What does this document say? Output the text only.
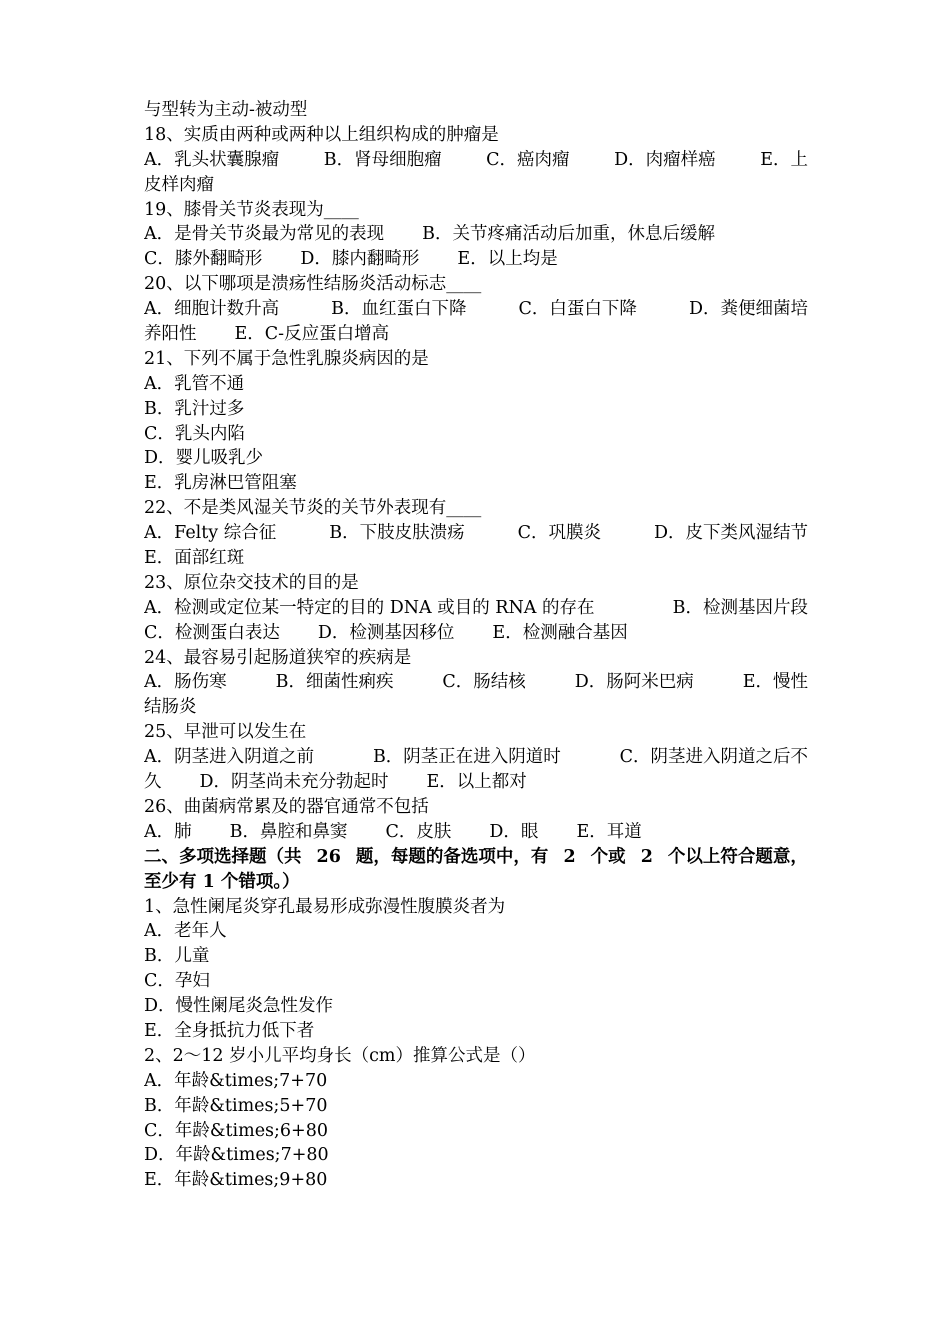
与型转为主动-被动型
18、实质由两种或两种以上组织构成的肿瘤是
A．乳头状囊腺瘤	B．肾母细胞瘤	C．癌肉瘤	D．肉瘤样癌	E．上
皮样肉瘤
19、膝骨关节炎表现为____
A．是骨关节炎最为常见的表现 B．关节疼痛活动后加重，休息后缓解
C．膝外翻畸形 D．膝内翻畸形 E．以上均是
20、以下哪项是溃疡性结肠炎活动标志____
A．细胞计数升高	B．血红蛋白下降	C．白蛋白下降	D．粪便细菌培
养阳性 E．C-反应蛋白增高
21、下列不属于急性乳腺炎病因的是
A．乳管不通
B．乳汁过多
C．乳头内陷
D．婴儿吸乳少
E．乳房淋巴管阻塞
22、不是类风湿关节炎的关节外表现有____
A．Felty 综合征	B．下肢皮肤溃疡	C．巩膜炎	D．皮下类风湿结节
E．面部红斑
23、原位杂交技术的目的是
A．检测或定位某一特定的目的 DNA 或目的 RNA 的存在	B．检测基因片段
C．检测蛋白表达 D．检测基因移位 E．检测融合基因
24、最容易引起肠道狭窄的疾病是
A．肠伤寒	B．细菌性痢疾	C．肠结核	D．肠阿米巴病	E．慢性
结肠炎
25、早泄可以发生在
A．阴茎进入阴道之前	B．阴茎正在进入阴道时	C．阴茎进入阴道之后不
久 D．阴茎尚未充分勃起时 E．以上都对
26、曲菌病常累及的器官通常不包括
A．肺 B．鼻腔和鼻窦 C．皮肤 D．眼 E．耳道
二、多项选择题（共 26 题，每题的备选项中，有 2 个或 2 个以上符合题意，
至少有 1 个错项。）
1、急性阑尾炎穿孔最易形成弥漫性腹膜炎者为
A．老年人
B．儿童
C．孕妇
D．慢性阑尾炎急性发作
E．全身抵抗力低下者
2、2～12 岁小儿平均身长（cm）推算公式是（）
A．年龄&times;7+70
B．年龄&times;5+70
C．年龄&times;6+80
D．年龄&times;7+80
E．年龄&times;9+80
